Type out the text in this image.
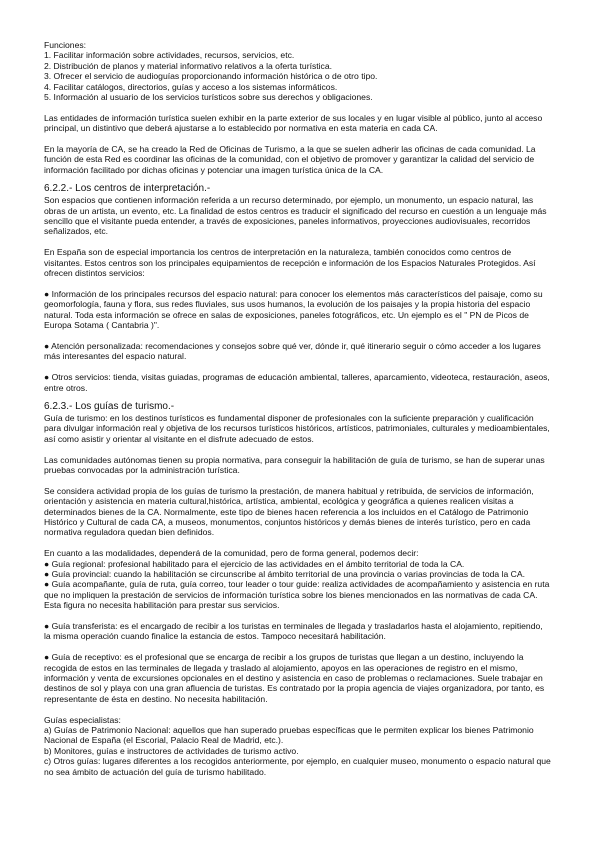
Funciones:
1. Facilitar información sobre actividades, recursos, servicios, etc.
2. Distribución de planos y material informativo relativos a la oferta turística.
3. Ofrecer el servicio de audioguías proporcionando información histórica o de otro tipo.
4. Facilitar catálogos, directorios, guías y acceso a los sistemas informáticos.
5. Información al usuario de los servicios turísticos sobre sus derechos y obligaciones.

Las entidades de información turística suelen exhibir en la parte exterior de sus locales y en lugar visible al público, junto al acceso
principal, un distintivo que deberá ajustarse a lo establecido por normativa en esta materia en cada CA.

En la mayoría de CA, se ha creado la Red de Oficinas de Turismo, a la que se suelen adherir las oficinas de cada comunidad. La
función de esta Red es coordinar las oficinas de la comunidad, con el objetivo de promover y garantizar la calidad del servicio de
información facilitado por dichas oficinas y potenciar una imagen turística única de la CA.

6.2.2.- Los centros de interpretación.-

Son espacios que contienen información referida a un recurso determinado, por ejemplo, un monumento, un espacio natural, las
obras de un artista, un evento, etc. La finalidad de estos centros es traducir el significado del recurso en cuestión a un lenguaje más
sencillo que el visitante pueda entender, a través de exposiciones, paneles informativos, proyecciones audiovisuales, recorridos
señalizados, etc.

En España son de especial importancia los centros de interpretación en la naturaleza, también conocidos como centros de
visitantes. Estos centros son los principales equipamientos de recepción e información de los Espacios Naturales Protegidos. Así
ofrecen distintos servicios:

● Información de los principales recursos del espacio natural: para conocer los elementos más característicos del paisaje, como su
geomorfología, fauna y flora, sus redes fluviales, sus usos humanos, la evolución de los paisajes y la propia historia del espacio
natural. Toda esta información se ofrece en salas de exposiciones, paneles fotográficos, etc. Un ejemplo es el " PN de Picos de
Europa Sotama ( Cantabria )".

● Atención personalizada: recomendaciones y consejos sobre qué ver, dónde ir, qué itinerario seguir o cómo acceder a los lugares
más interesantes del espacio natural.

● Otros servicios: tienda, visitas guiadas, programas de educación ambiental, talleres, aparcamiento, videoteca, restauración, aseos,
entre otros.

6.2.3.- Los guías de turismo.-

Guía de turismo: en los destinos turísticos es fundamental disponer de profesionales con la suficiente preparación y cualificación
para divulgar información real y objetiva de los recursos turísticos históricos, artísticos, patrimoniales, culturales y medioambientales,
así como asistir y orientar al visitante en el disfrute adecuado de estos.

Las comunidades autónomas tienen su propia normativa, para conseguir la habilitación de guía de turismo, se han de superar unas
pruebas convocadas por la administración turística.

Se considera actividad propia de los guías de turismo la prestación, de manera habitual y retribuida, de servicios de información,
orientación y asistencia en materia cultural,histórica, artística, ambiental, ecológica y geográfica a quienes realicen visitas a
determinados bienes de la CA. Normalmente, este tipo de bienes hacen referencia a los incluidos en el Catálogo de Patrimonio
Histórico y Cultural de cada CA, a museos, monumentos, conjuntos históricos y demás bienes de interés turístico, pero en cada
normativa reguladora quedan bien definidos.

En cuanto a las modalidades, dependerá de la comunidad, pero de forma general, podemos decir:
● Guía regional: profesional habilitado para el ejercicio de las actividades en el ámbito territorial de toda la CA.
● Guía provincial: cuando la habilitación se circunscribe al ámbito territorial de una provincia o varias provincias de toda la CA.
● Guía acompañante, guía de ruta, guía correo, tour leader o tour guide: realiza actividades de acompañamiento y asistencia en ruta
que no impliquen la prestación de servicios de información turística sobre los bienes mencionados en las normativas de cada CA.
Esta figura no necesita habilitación para prestar sus servicios.

● Guía transferista: es el encargado de recibir a los turistas en terminales de llegada y trasladarlos hasta el alojamiento, repitiendo,
la misma operación cuando finalice la estancia de estos. Tampoco necesitará habilitación.

● Guía de receptivo: es el profesional que se encarga de recibir a los grupos de turistas que llegan a un destino, incluyendo la
recogida de estos en las terminales de llegada y traslado al alojamiento, apoyos en las operaciones de registro en el mismo,
información y venta de excursiones opcionales en el destino y asistencia en caso de problemas o reclamaciones. Suele trabajar en
destinos de sol y playa con una gran afluencia de turistas. Es contratado por la propia agencia de viajes organizadora, por tanto, es
representante de ésta en destino. No necesita habilitación.

Guías especialistas:
a) Guías de Patrimonio Nacional: aquellos que han superado pruebas específicas que le permiten explicar los bienes Patrimonio
Nacional de España (el Escorial, Palacio Real de Madrid, etc.).
b) Monitores, guías e instructores de actividades de turismo activo.
c) Otros guías: lugares diferentes a los recogidos anteriormente, por ejemplo, en cualquier museo, monumento o espacio natural que
no sea ámbito de actuación del guía de turismo habilitado.
